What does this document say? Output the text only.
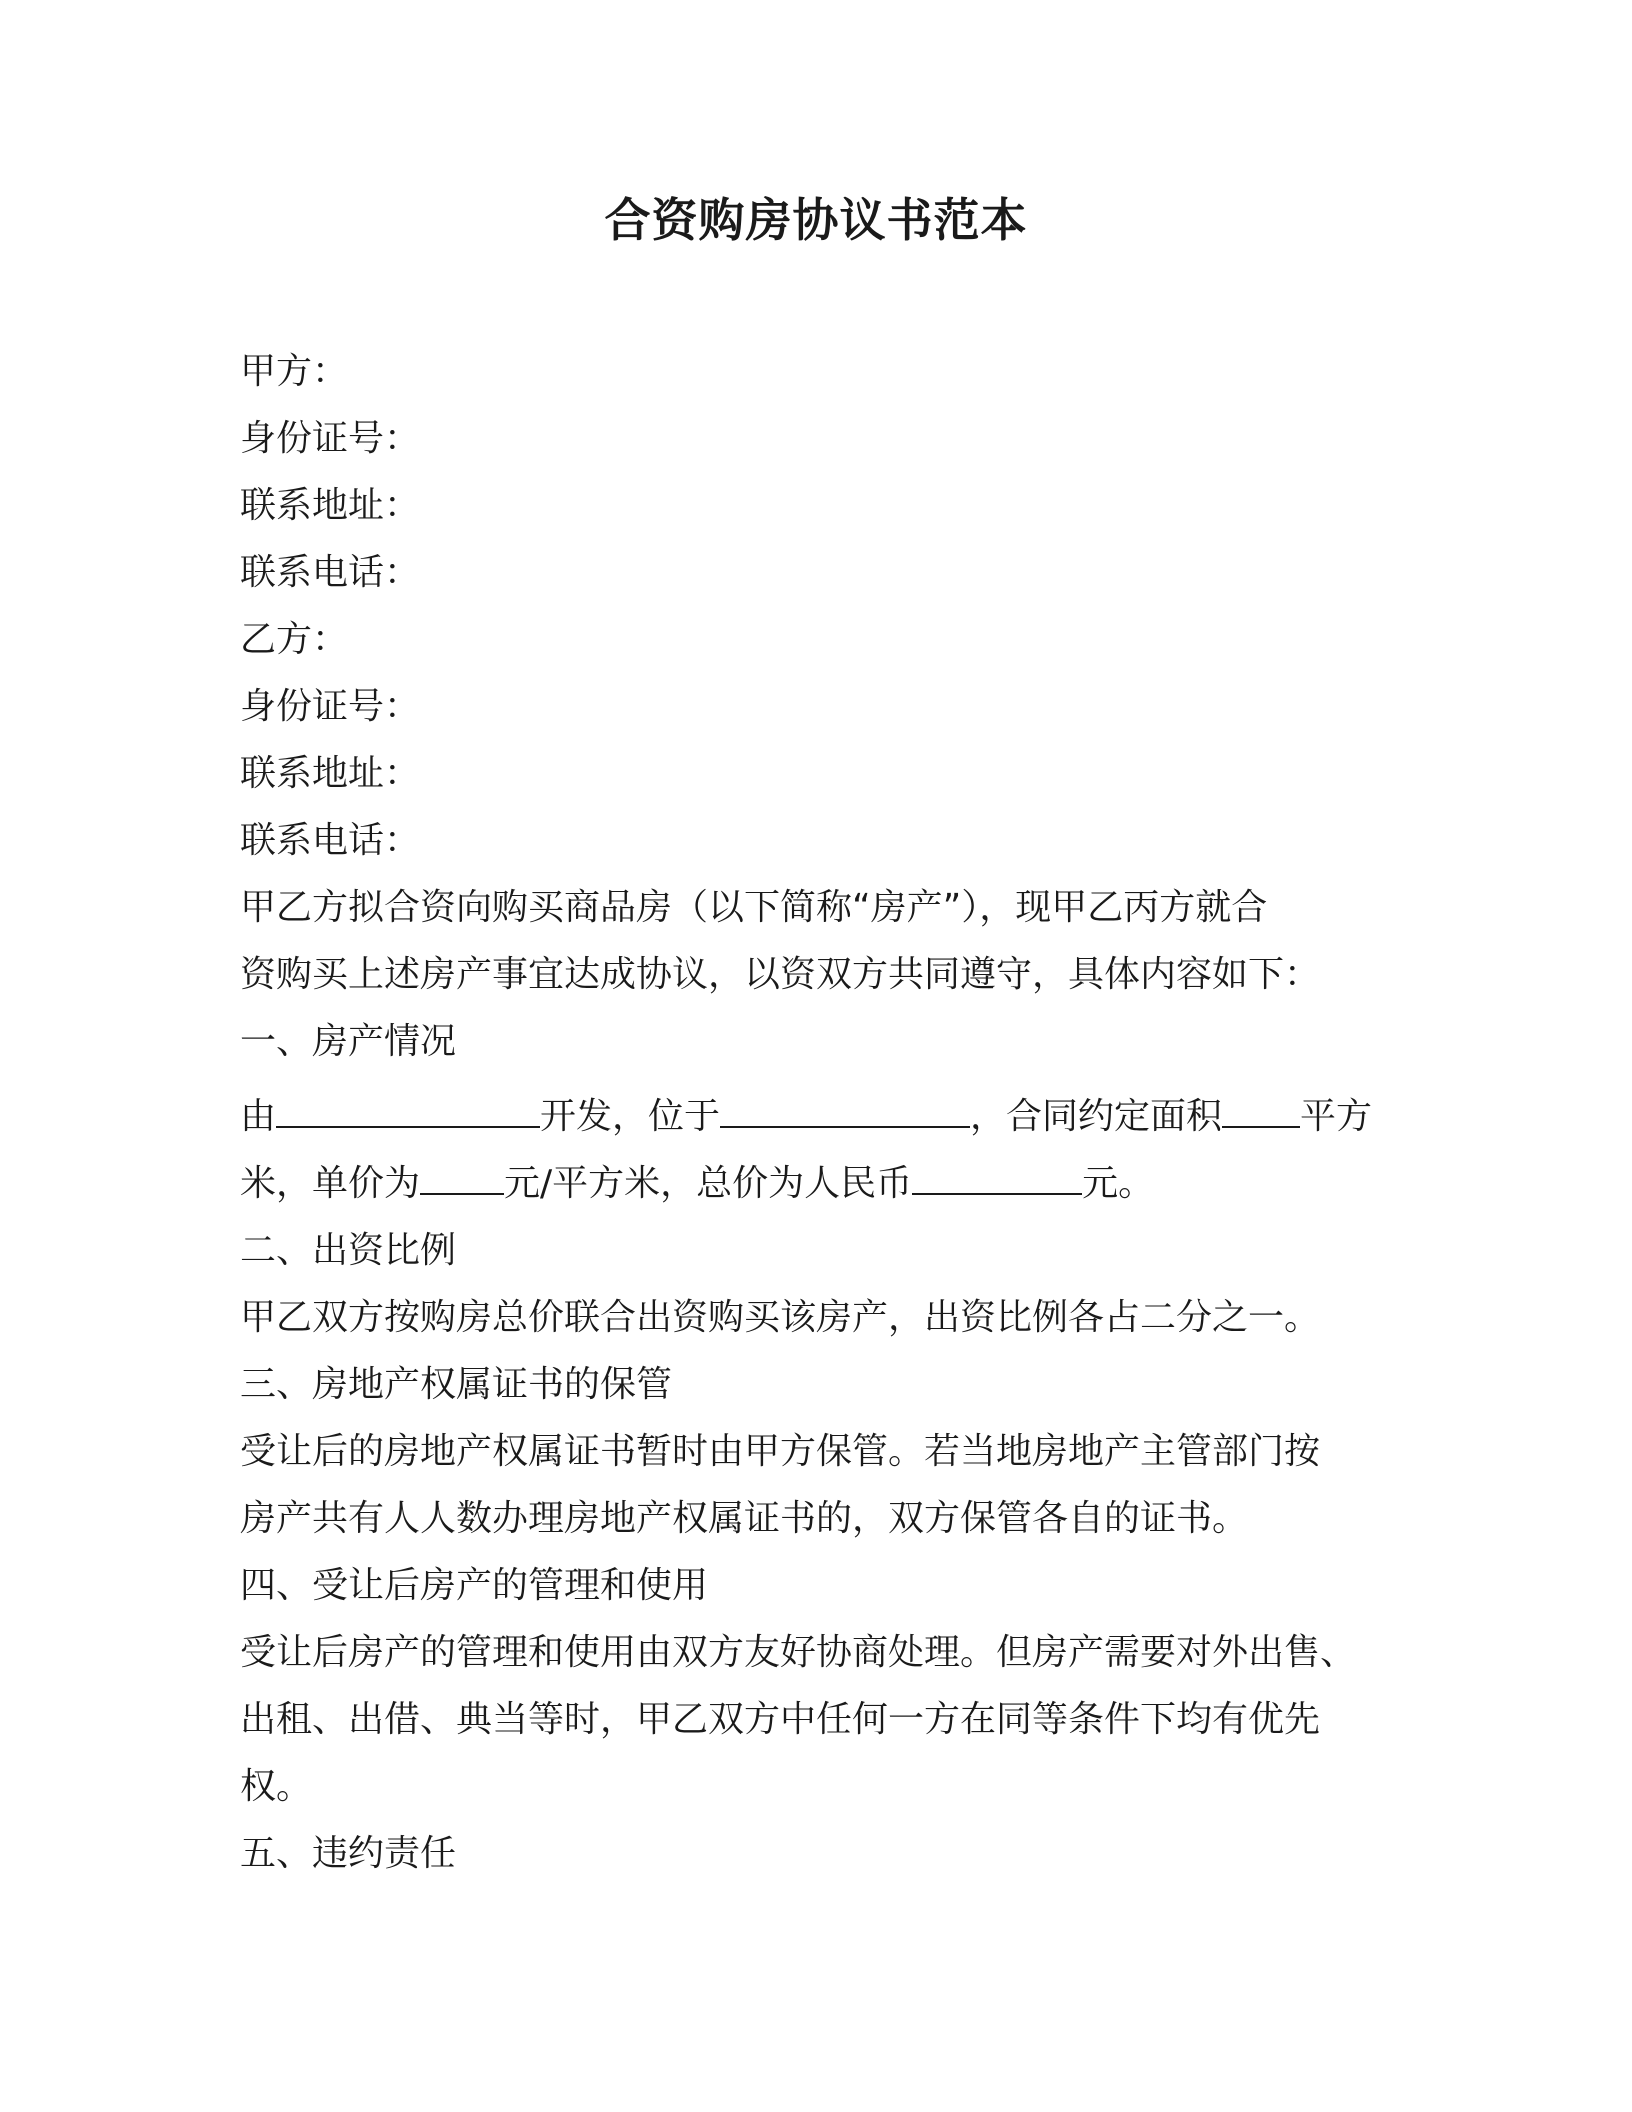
合资购房协议书范本
甲方：
身份证号：
联系地址：
联系电话：
乙方：
身份证号：
联系地址：
联系电话：
甲乙方拟合资向购买商品房（以下简称“房产”），现甲乙丙方就合
资购买上述房产事宜达成协议，以资双方共同遵守，具体内容如下：
一、房产情况
由	开发，位于	，合同约定面积 平方
米，单价为 元/平方米，总价为人民币	元。
二、出资比例
甲乙双方按购房总价联合出资购买该房产，出资比例各占二分之一。
三、房地产权属证书的保管
受让后的房地产权属证书暂时由甲方保管。若当地房地产主管部门按
房产共有人人数办理房地产权属证书的，双方保管各自的证书。
四、受让后房产的管理和使用
受让后房产的管理和使用由双方友好协商处理。但房产需要对外出售、
出租、出借、典当等时，甲乙双方中任何一方在同等条件下均有优先
权。
五、违约责任
